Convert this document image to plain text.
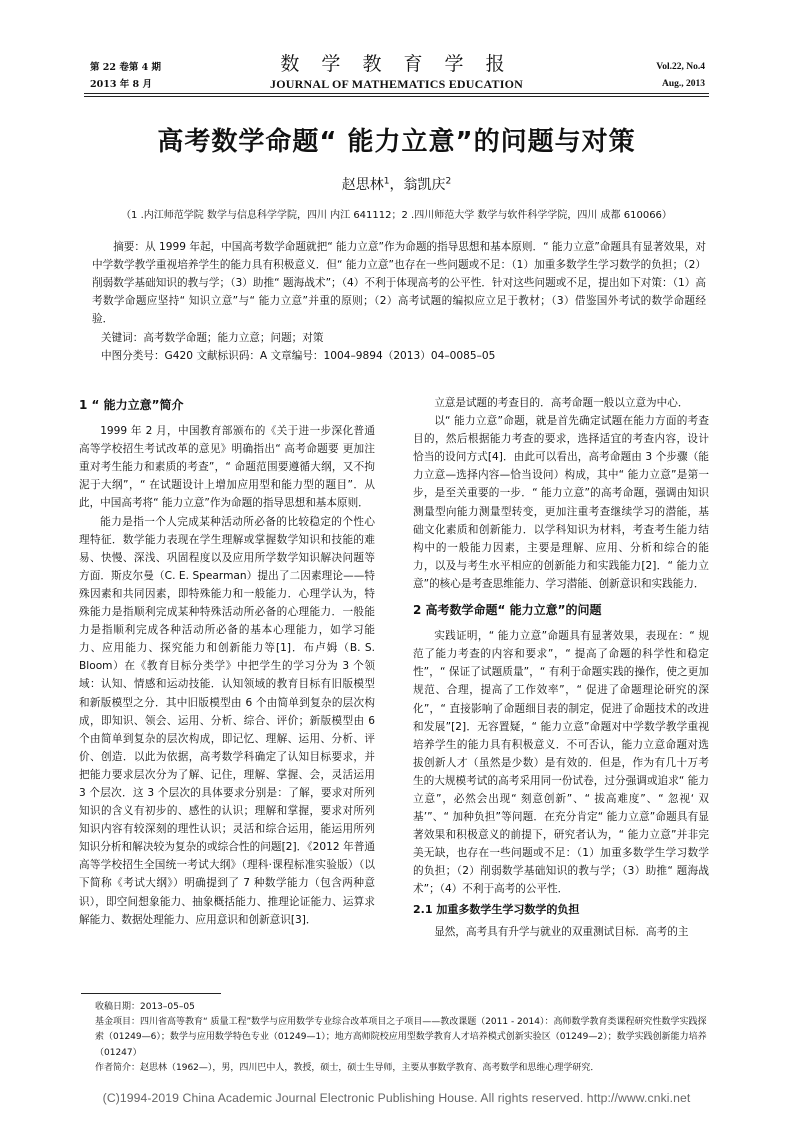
第 22 卷第 4 期
2013 年 8 月
数 学 教 育 学 报
JOURNAL OF MATHEMATICS EDUCATION
Vol.22, No.4
Aug., 2013
高考数学命题“ 能力立意”的问题与对策
赵思林$^1$，翁凯庆$^2$
（1 .内江师范学院 数学与信息科学学院，四川 内江 641112；2 .四川师范大学 数学与软件科学学院，四川 成都 610066）
摘要：从 1999 年起，中国高考数学命题就把“ 能力立意”作为命题的指导思想和基本原则．“ 能力立意”命题具有显著效果，对中学数学教学重视培养学生的能力具有积极意义．但“ 能力立意”也存在一些问题或不足：（1）加重多数学生学习数学的负担；（2）削弱数学基础知识的教与学；（3）助推“ 题海战术”；（4）不利于体现高考的公平性．针对这些问题或不足，提出如下对策：（1）高考数学命题应坚持“ 知识立意”与“ 能力立意”并重的原则；（2）高考试题的编拟应立足于教材；（3）借鉴国外考试的数学命题经验．
关键词：高考数学命题；能力立意；问题；对策
中图分类号：G420 文献标识码：A 文章编号：1004–9894（2013）04–0085–05
1 “ 能力立意”简介

1999 年 2 月，中国教育部颁布的《关于进一步深化普通高等学校招生考试改革的意见》明确指出“ 高考命题要 更加注重对考生能力和素质的考查”，“ 命题范围要遵循大纲，又不拘泥于大纲”，“ 在试题设计上增加应用型和能力型的题目”．从此，中国高考将“ 能力立意”作为命题的指导思想和基本原则．

能力是指一个人完成某种活动所必备的比较稳定的个性心理特征．数学能力表现在学生理解或掌握数学知识和技能的难易、快慢、深浅、巩固程度以及应用所学数学知识解决问题等方面．斯皮尔曼（C. E. Spearman）提出了二因素理论——特殊因素和共同因素，即特殊能力和一般能力．心理学认为，特殊能力是指顺利完成某种特殊活动所必备的心理能力．一般能力是指顺利完成各种活动所必备的基本心理能力，如学习能力、应用能力、探究能力和创新能力等[1]．布卢姆（B. S. Bloom）在《教育目标分类学》中把学生的学习分为 3 个领域：认知、情感和运动技能．认知领域的教育目标有旧版模型和新版模型之分．其中旧版模型由 6 个由简单到复杂的层次构成，即知识、领会、运用、分析、综合、评价；新版模型由 6 个由简单到复杂的层次构成，即记忆、理解、运用、分析、评价、创造．以此为依据，高考数学科确定了认知目标要求，并把能力要求层次分为了解、记住，理解、掌握、会，灵活运用 3 个层次．这 3 个层次的具体要求分别是：了解，要求对所列知识的含义有初步的、感性的认识；理解和掌握，要求对所列知识内容有较深刻的理性认识；灵活和综合运用，能运用所列知识分析和解决较为复杂的或综合性的问题[2]．《2012 年普通高等学校招生全国统一考试大纲》（理科·课程标准实验版）（以下简称《考试大纲》）明确提到了 7 种数学能力（包含两种意识），即空间想象能力、抽象概括能力、推理论证能力、运算求解能力、数据处理能力、应用意识和创新意识[3]．

立意是试题的考查目的．高考命题一般以立意为中心．

以“ 能力立意”命题，就是首先确定试题在能力方面的考查目的，然后根据能力考查的要求，选择适宜的考查内容，设计恰当的设问方式[4]．由此可以看出，高考命题由 3 个步骤（能力立意—选择内容—恰当设问）构成，其中“ 能力立意”是第一步，是至关重要的一步．“ 能力立意”的高考命题，强调由知识测量型向能力测量型转变，更加注重考查继续学习的潜能，基础文化素质和创新能力．以学科知识为材料，考查考生能力结构中的一般能力因素，主要是理解、应用、分析和综合的能力，以及与考生水平相应的创新能力和实践能力[2]．“ 能力立意”的核心是考查思维能力、学习潜能、创新意识和实践能力．

2 高考数学命题“ 能力立意”的问题

实践证明，“ 能力立意”命题具有显著效果，表现在：“ 规范了能力考查的内容和要求”，“ 提高了命题的科学性和稳定性”，“ 保证了试题质量”，“ 有利于命题实践的操作，使之更加规范、合理，提高了工作效率”，“ 促进了命题理论研究的深化”，“ 直接影响了命题细目表的制定，促进了命题技术的改进和发展”[2]．无容置疑，“ 能力立意”命题对中学数学教学重视培养学生的能力具有积极意义．不可否认，能力立意命题对选拔创新人才（虽然是少数）是有效的．但是，作为有几十万考生的大规模考试的高考采用同一份试卷，过分强调或追求“ 能力立意”，必然会出现“ 刻意创新”、“ 拔高难度”、“ 忽视‘ 双基’”、“ 加种负担”等问题．在充分肯定“ 能力立意”命题具有显著效果和积极意义的前提下，研究者认为，“ 能力立意”并非完美无缺，也存在一些问题或不足：（1）加重多数学生学习数学的负担；（2）削弱数学基础知识的教与学；（3）助推“ 题海战术”；（4）不利于高考的公平性．

2.1 加重多数学生学习数学的负担

显然，高考具有升学与就业的双重测试目标．高考的主

收稿日期：2013–05–05
基金项目：四川省高等教育“ 质量工程”数学与应用数学专业综合改革项目之子项目——教改课题（2011 - 2014）：高师数学教育类课程研究性数学实践探索（01249—6）；数学与应用数学特色专业（01249—1）；地方高师院校应用型数学教育人才培养模式创新实验区（01249—2）；数学实践创新能力培养（01247）
作者简介：赵思林（1962—），男，四川巴中人，教授，硕士，硕士生导师，主要从事数学教育、高考数学和思维心理学研究．
(C)1994-2019 China Academic Journal Electronic Publishing House. All rights reserved. http://www.cnki.net
